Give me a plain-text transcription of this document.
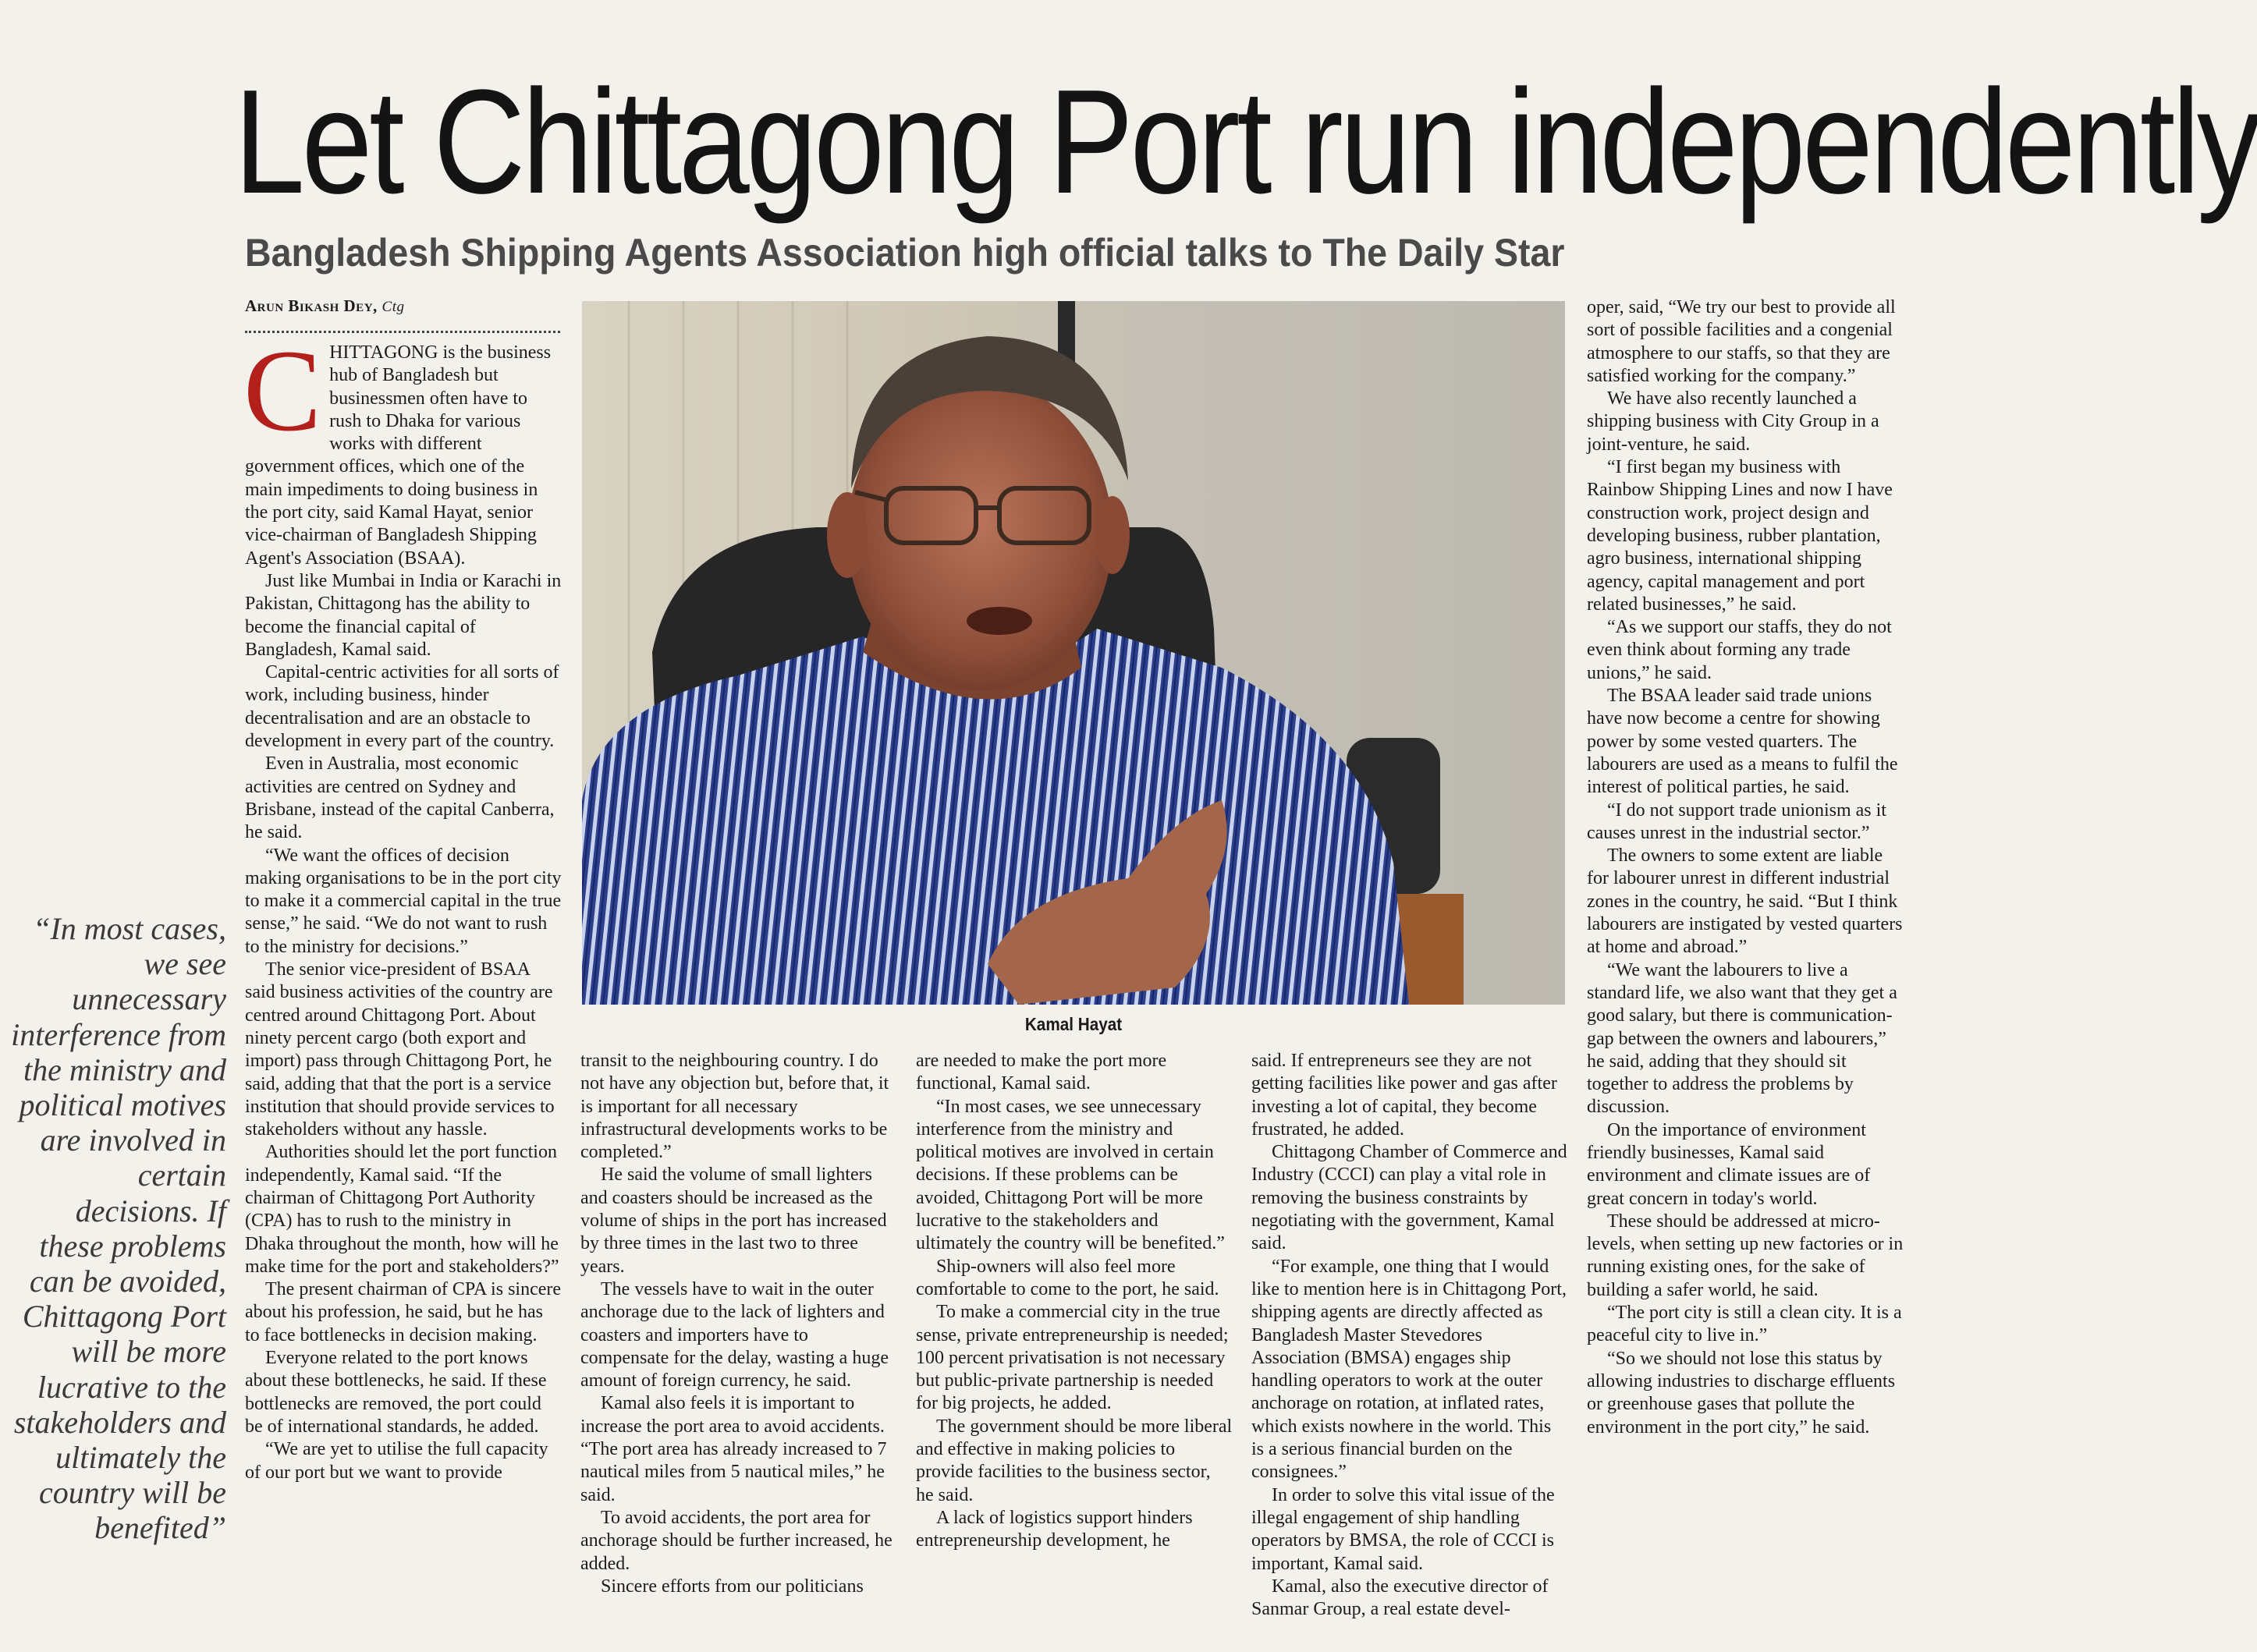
Let Chittagong Port run independently
Bangladesh Shipping Agents Association high official talks to The Daily Star
Arun Bikash Dey, Ctg

CHITTAGONG is the business hub of Bangladesh but businessmen often have to rush to Dhaka for various works with different government offices, which one of the main impediments to doing business in the port city, said Kamal Hayat, senior vice-chairman of Bangladesh Shipping Agent's Association (BSAA).

Just like Mumbai in India or Karachi in Pakistan, Chittagong has the ability to become the financial capital of Bangladesh, Kamal said.

Capital-centric activities for all sorts of work, including business, hinder decentralisation and are an obstacle to development in every part of the country.

Even in Australia, most economic activities are centred on Sydney and Brisbane, instead of the capital Canberra, he said.

“We want the offices of decision making organisations to be in the port city to make it a commercial capital in the true sense,” he said. “We do not want to rush to the ministry for decisions.”

The senior vice-president of BSAA said business activities of the country are centred around Chittagong Port. About ninety percent cargo (both export and import) pass through Chittagong Port, he said, adding that that the port is a service institution that should provide services to stakeholders without any hassle.

Authorities should let the port function independently, Kamal said. “If the chairman of Chittagong Port Authority (CPA) has to rush to the ministry in Dhaka throughout the month, how will he make time for the port and stakeholders?”

The present chairman of CPA is sincere about his profession, he said, but he has to face bottlenecks in decision making.

Everyone related to the port knows about these bottlenecks, he said. If these bottlenecks are removed, the port could be of international standards, he added.

“We are yet to utilise the full capacity of our port but we want to provide

“In most cases, we see unnecessary interference from the ministry and political motives are involved in certain decisions. If these problems can be avoided, Chittagong Port will be more lucrative to the stakeholders and ultimately the country will be benefited”
Kamal Hayat

transit to the neighbouring country. I do not have any objection but, before that, it is important for all necessary infrastructural developments works to be completed.”

He said the volume of small lighters and coasters should be increased as the volume of ships in the port has increased by three times in the last two to three years.

The vessels have to wait in the outer anchorage due to the lack of lighters and coasters and importers have to compensate for the delay, wasting a huge amount of foreign currency, he said.

Kamal also feels it is important to increase the port area to avoid accidents. “The port area has already increased to 7 nautical miles from 5 nautical miles,” he said.

To avoid accidents, the port area for anchorage should be further increased, he added.

Sincere efforts from our politicians

are needed to make the port more functional, Kamal said.

“In most cases, we see unnecessary interference from the ministry and political motives are involved in certain decisions. If these problems can be avoided, Chittagong Port will be more lucrative to the stakeholders and ultimately the country will be benefited.”

Ship-owners will also feel more comfortable to come to the port, he said.

To make a commercial city in the true sense, private entrepreneurship is needed; 100 percent privatisation is not necessary but public-private partnership is needed for big projects, he added.

The government should be more liberal and effective in making policies to provide facilities to the business sector, he said.

A lack of logistics support hinders entrepreneurship development, he

said. If entrepreneurs see they are not getting facilities like power and gas after investing a lot of capital, they become frustrated, he added.

Chittagong Chamber of Commerce and Industry (CCCI) can play a vital role in removing the business constraints by negotiating with the government, Kamal said.

“For example, one thing that I would like to mention here is in Chittagong Port, shipping agents are directly affected as Bangladesh Master Stevedores Association (BMSA) engages ship handling operators to work at the outer anchorage on rotation, at inflated rates, which exists nowhere in the world. This is a serious financial burden on the consignees.”

In order to solve this vital issue of the illegal engagement of ship handling operators by BMSA, the role of CCCI is important, Kamal said.

Kamal, also the executive director of Sanmar Group, a real estate devel-

oper, said, “We try our best to provide all sort of possible facilities and a congenial atmosphere to our staffs, so that they are satisfied working for the company.”

We have also recently launched a shipping business with City Group in a joint-venture, he said.

“I first began my business with Rainbow Shipping Lines and now I have construction work, project design and developing business, rubber plantation, agro business, international shipping agency, capital management and port related businesses,” he said.

“As we support our staffs, they do not even think about forming any trade unions,” he said.

The BSAA leader said trade unions have now become a centre for showing power by some vested quarters. The labourers are used as a means to fulfil the interest of political parties, he said.

“I do not support trade unionism as it causes unrest in the industrial sector.”

The owners to some extent are liable for labourer unrest in different industrial zones in the country, he said. “But I think labourers are instigated by vested quarters at home and abroad.”

“We want the labourers to live a standard life, we also want that they get a good salary, but there is communication-gap between the owners and labourers,” he said, adding that they should sit together to address the problems by discussion.

On the importance of environment friendly businesses, Kamal said environment and climate issues are of great concern in today's world.

These should be addressed at micro-levels, when setting up new factories or in running existing ones, for the sake of building a safer world, he said.

“The port city is still a clean city. It is a peaceful city to live in.”

“So we should not lose this status by allowing industries to discharge effluents or greenhouse gases that pollute the environment in the port city,” he said.
